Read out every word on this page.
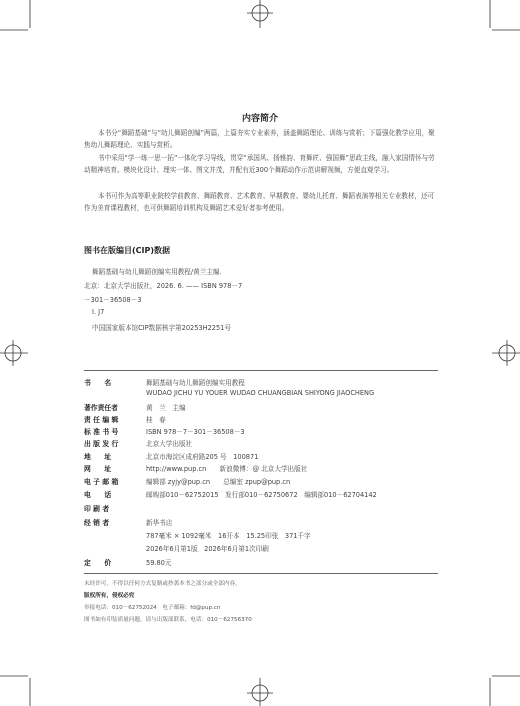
内容简介
本书分“舞蹈基础”与“幼儿舞蹈创编”两篇，上篇夯实专业素养，涵盖舞蹈理论、训练与赏析；下篇强化教学应用，聚焦幼儿舞蹈理论、实践与赏析。
书中采用“学一练一思一拓”一体化学习导线，贯穿“承国风、扬雅韵、育舞匠、强国舞”思政主线，融入家国情怀与劳动精神培育。模块化设计、理实一体、图文并茂，并配有近300个舞蹈动作示范讲解视频，方便直观学习。
本书可作为高等职业院校学前教育、舞蹈教育、艺术教育、早期教育、婴幼儿托育、舞蹈表演等相关专业教材，还可作为美育课程教材，也可供舞蹈培训机构及舞蹈艺术爱好者参考使用。
图书在版编目(CIP)数据
舞蹈基础与幼儿舞蹈创编实用教程/黄兰主编.
北京：北京大学出版社，2026. 6. —— ISBN 978－7
－301－36508－3
Ⅰ. J7
中国国家版本馆CIP数据核字第20253H2251号
书　　名	舞蹈基础与幼儿舞蹈创编实用教程
WUDAO JICHU YU YOUER WUDAO CHUANGBIAN SHIYONG JIAOCHENG
著作责任者	黄　兰　主编
责 任 编 辑	桂　春
标 准 书 号	ISBN 978－7－301－36508－3
出 版 发 行	北京大学出版社
地　　址	北京市海淀区成府路205 号　100871
网　　址	http://www.pup.cn　　新浪微博：@ 北京大学出版社
电 子 邮 箱	编辑部 zyjy@pup.cn　　总编室 zpup@pup.cn
电　　话	邮购部010－62752015　发行部010－62750672　编辑部010－62704142
印 刷 者
经 销 者	新华书店
787毫米 × 1092毫米　16开本　15.25印张　371千字
2026年6月第1版　2026年6月第1次印刷
定　　价	59.80元
未经许可，不得以任何方式复制或抄袭本书之部分或全部内容。
版权所有，侵权必究
举报电话：010－62752024　电子邮箱：fd@pup.cn
图书如有印装质量问题，请与出版部联系，电话：010－62756370
